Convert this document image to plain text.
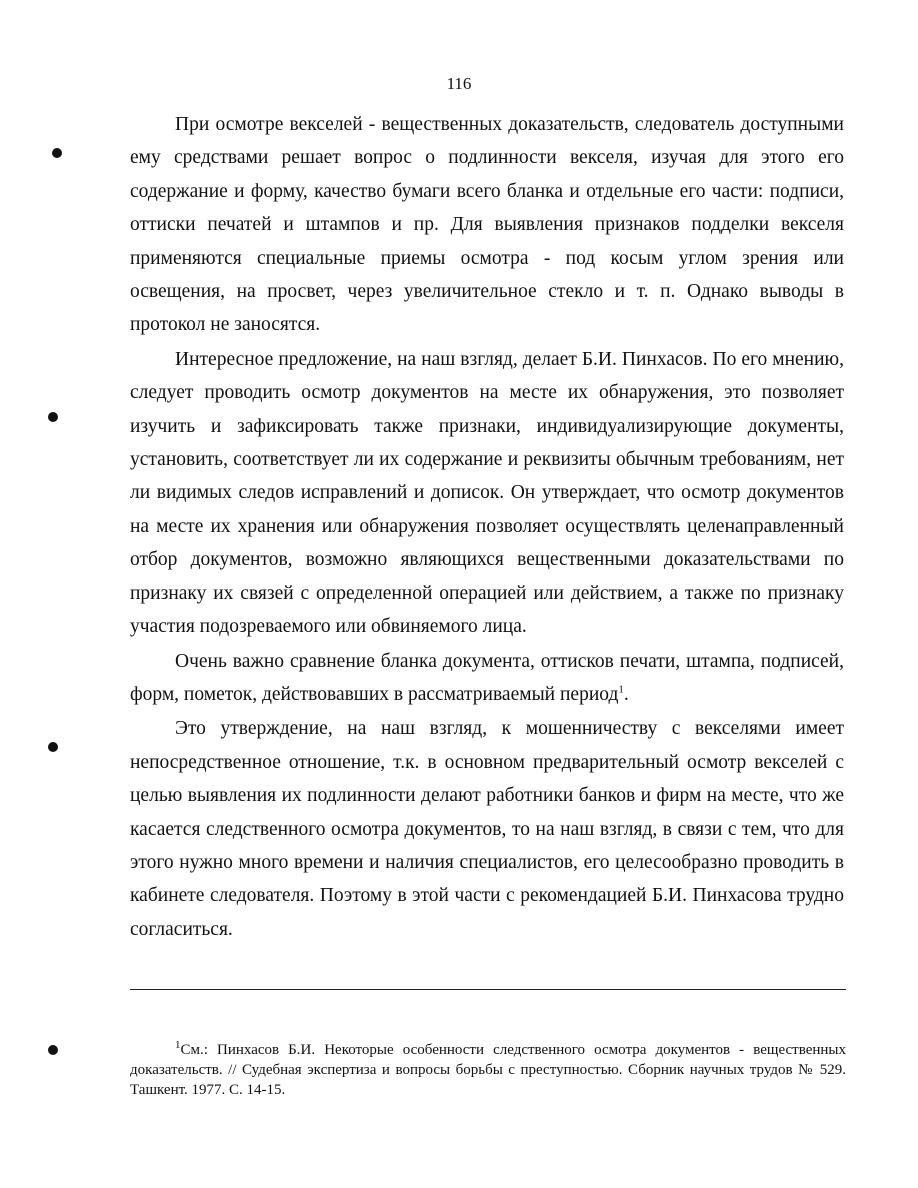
116

При осмотре векселей - вещественных доказательств, следователь доступными ему средствами решает вопрос о подлинности векселя, изучая для этого его содержание и форму, качество бумаги всего бланка и отдельные его части: подписи, оттиски печатей и штампов и пр. Для выявления признаков подделки векселя применяются специальные приемы осмотра - под косым углом зрения или освещения, на просвет, через увеличительное стекло и т. п. Однако выводы в протокол не заносятся.

Интересное предложение, на наш взгляд, делает Б.И. Пинхасов. По его мнению, следует проводить осмотр документов на месте их обнаружения, это позволяет изучить и зафиксировать также признаки, индивидуализирующие документы, установить, соответствует ли их содержание и реквизиты обычным требованиям, нет ли видимых следов исправлений и дописок. Он утверждает, что осмотр документов на месте их хранения или обнаружения позволяет осуществлять целенаправленный отбор документов, возможно являющихся вещественными доказательствами по признаку их связей с определенной операцией или действием, а также по признаку участия подозреваемого или обвиняемого лица.

Очень важно сравнение бланка документа, оттисков печати, штампа, подписей, форм, пометок, действовавших в рассматриваемый период$^1$.

Это утверждение, на наш взгляд, к мошенничеству с векселями имеет непосредственное отношение, т.к. в основном предварительный осмотр векселей с целью выявления их подлинности делают работники банков и фирм на месте, что же касается следственного осмотра документов, то на наш взгляд, в связи с тем, что для этого нужно много времени и наличия специалистов, его целесообразно проводить в кабинете следователя. Поэтому в этой части с рекомендацией Б.И. Пинхасова трудно согласиться.

$^1$См.: Пинхасов Б.И. Некоторые особенности следственного осмотра документов - вещественных доказательств. // Судебная экспертиза и вопросы борьбы с преступностью. Сборник научных трудов № 529. Ташкент. 1977. С. 14-15.
